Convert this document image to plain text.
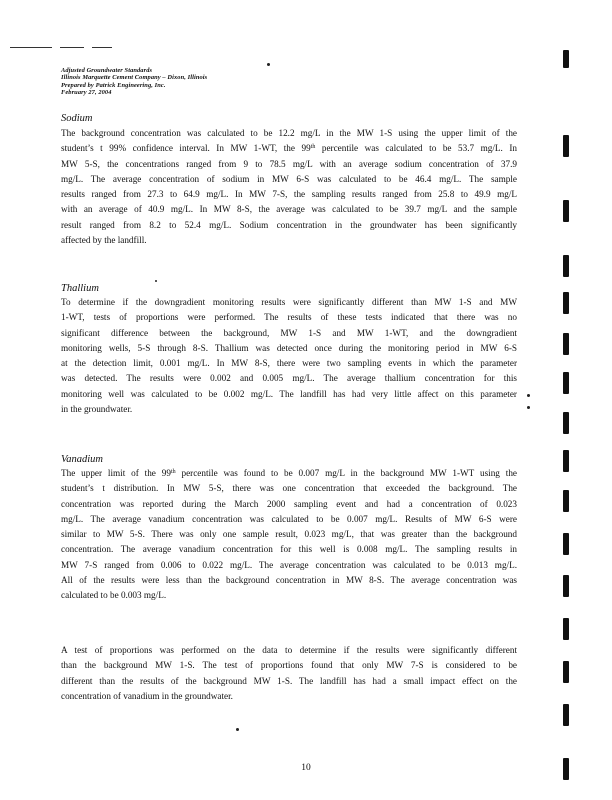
Adjusted Groundwater Standards
Illinois Marquette Cement Company – Dixon, Illinois
Prepared by Patrick Engineering, Inc.
February 27, 2004
Sodium
The background concentration was calculated to be 12.2 mg/L in the MW 1-S using the upper limit of the
student’s t 99% confidence interval. In MW 1-WT, the 99th percentile was calculated to be 53.7 mg/L. In
MW 5-S, the concentrations ranged from 9 to 78.5 mg/L with an average sodium concentration of 37.9
mg/L. The average concentration of sodium in MW 6-S was calculated to be 46.4 mg/L. The sample
results ranged from 27.3 to 64.9 mg/L. In MW 7-S, the sampling results ranged from 25.8 to 49.9 mg/L
with an average of 40.9 mg/L. In MW 8-S, the average was calculated to be 39.7 mg/L and the sample
result ranged from 8.2 to 52.4 mg/L. Sodium concentration in the groundwater has been significantly
affected by the landfill.
Thallium
To determine if the downgradient monitoring results were significantly different than MW 1-S and MW
1-WT, tests of proportions were performed. The results of these tests indicated that there was no
significant difference between the background, MW 1-S and MW 1-WT, and the downgradient
monitoring wells, 5-S through 8-S. Thallium was detected once during the monitoring period in MW 6-S
at the detection limit, 0.001 mg/L. In MW 8-S, there were two sampling events in which the parameter
was detected. The results were 0.002 and 0.005 mg/L. The average thallium concentration for this
monitoring well was calculated to be 0.002 mg/L. The landfill has had very little affect on this parameter
in the groundwater.
Vanadium
The upper limit of the 99th percentile was found to be 0.007 mg/L in the background MW 1-WT using the
student’s t distribution. In MW 5-S, there was one concentration that exceeded the background. The
concentration was reported during the March 2000 sampling event and had a concentration of 0.023
mg/L. The average vanadium concentration was calculated to be 0.007 mg/L. Results of MW 6-S were
similar to MW 5-S. There was only one sample result, 0.023 mg/L, that was greater than the background
concentration. The average vanadium concentration for this well is 0.008 mg/L. The sampling results in
MW 7-S ranged from 0.006 to 0.022 mg/L. The average concentration was calculated to be 0.013 mg/L.
All of the results were less than the background concentration in MW 8-S. The average concentration was
calculated to be 0.003 mg/L.
A test of proportions was performed on the data to determine if the results were significantly different
than the background MW 1-S. The test of proportions found that only MW 7-S is considered to be
different than the results of the background MW 1-S. The landfill has had a small impact effect on the
concentration of vanadium in the groundwater.
10
